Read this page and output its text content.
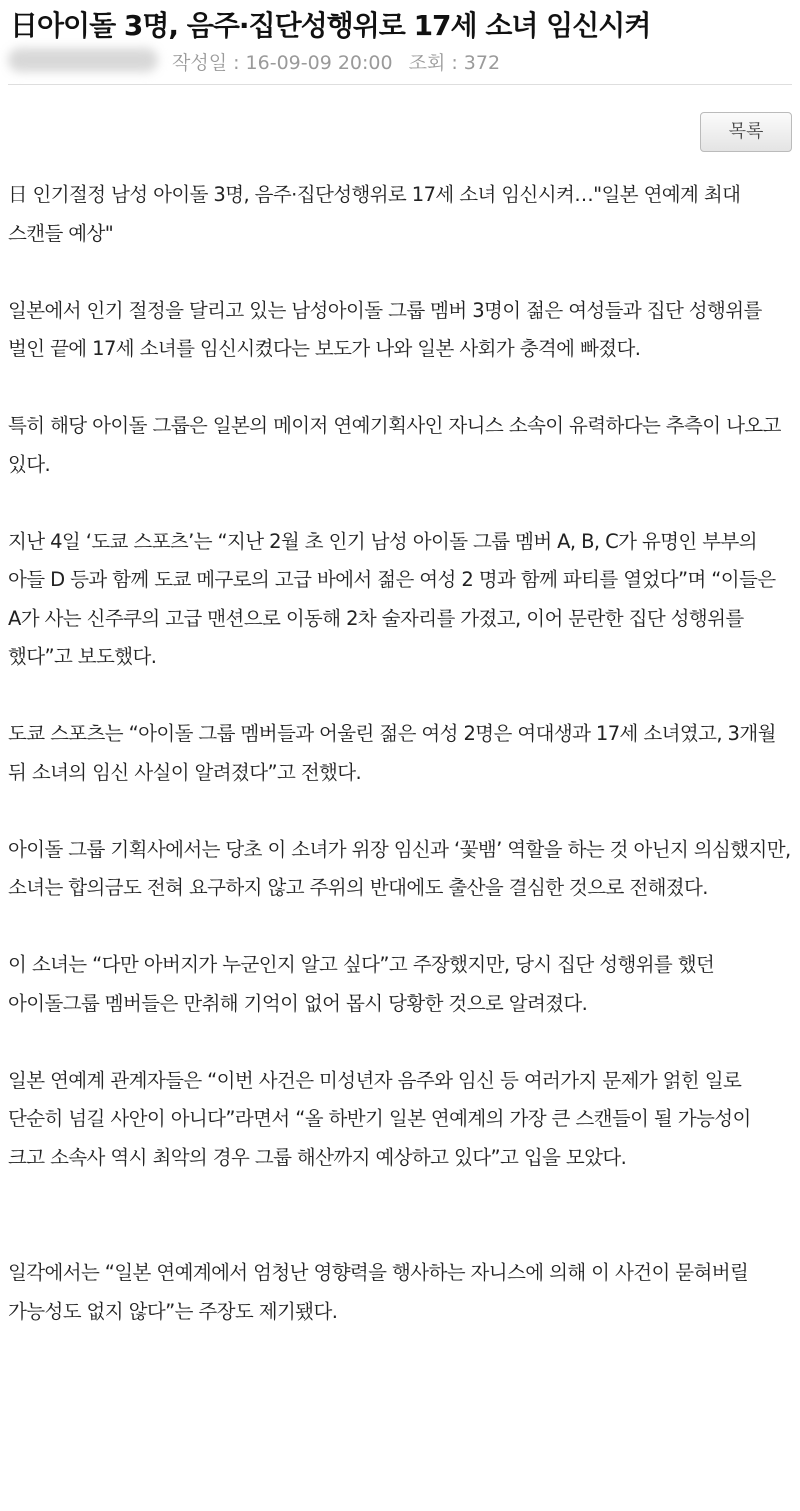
日아이돌 3명, 음주·집단성행위로 17세 소녀 임신시켜
작성일 : 16-09-09 20:00 조회 : 372
목록

日 인기절정 남성 아이돌 3명, 음주·집단성행위로 17세 소녀 임신시켜…"일본 연예계 최대 스캔들 예상"

일본에서 인기 절정을 달리고 있는 남성아이돌 그룹 멤버 3명이 젊은 여성들과 집단 성행위를 벌인 끝에 17세 소녀를 임신시켰다는 보도가 나와 일본 사회가 충격에 빠졌다.

특히 해당 아이돌 그룹은 일본의 메이저 연예기획사인 자니스 소속이 유력하다는 추측이 나오고 있다.

지난 4일 ‘도쿄 스포츠’는 “지난 2월 초 인기 남성 아이돌 그룹 멤버 A, B, C가 유명인 부부의 아들 D 등과 함께 도쿄 메구로의 고급 바에서 젊은 여성 2 명과 함께 파티를 열었다”며 “이들은 A가 사는 신주쿠의 고급 맨션으로 이동해 2차 술자리를 가졌고, 이어 문란한 집단 성행위를 했다”고 보도했다.

도쿄 스포츠는 “아이돌 그룹 멤버들과 어울린 젊은 여성 2명은 여대생과 17세 소녀였고, 3개월 뒤 소녀의 임신 사실이 알려졌다”고 전했다.

아이돌 그룹 기획사에서는 당초 이 소녀가 위장 임신과 ‘꽃뱀’ 역할을 하는 것 아닌지 의심했지만, 소녀는 합의금도 전혀 요구하지 않고 주위의 반대에도 출산을 결심한 것으로 전해졌다.

이 소녀는 “다만 아버지가 누군인지 알고 싶다”고 주장했지만, 당시 집단 성행위를 했던 아이돌그룹 멤버들은 만취해 기억이 없어 몹시 당황한 것으로 알려졌다.

일본 연예계 관계자들은 “이번 사건은 미성년자 음주와 임신 등 여러가지 문제가 얽힌 일로 단순히 넘길 사안이 아니다”라면서 “올 하반기 일본 연예계의 가장 큰 스캔들이 될 가능성이 크고 소속사 역시 최악의 경우 그룹 해산까지 예상하고 있다”고 입을 모았다.

일각에서는 “일본 연예계에서 엄청난 영향력을 행사하는 자니스에 의해 이 사건이 묻혀버릴 가능성도 없지 않다”는 주장도 제기됐다.
